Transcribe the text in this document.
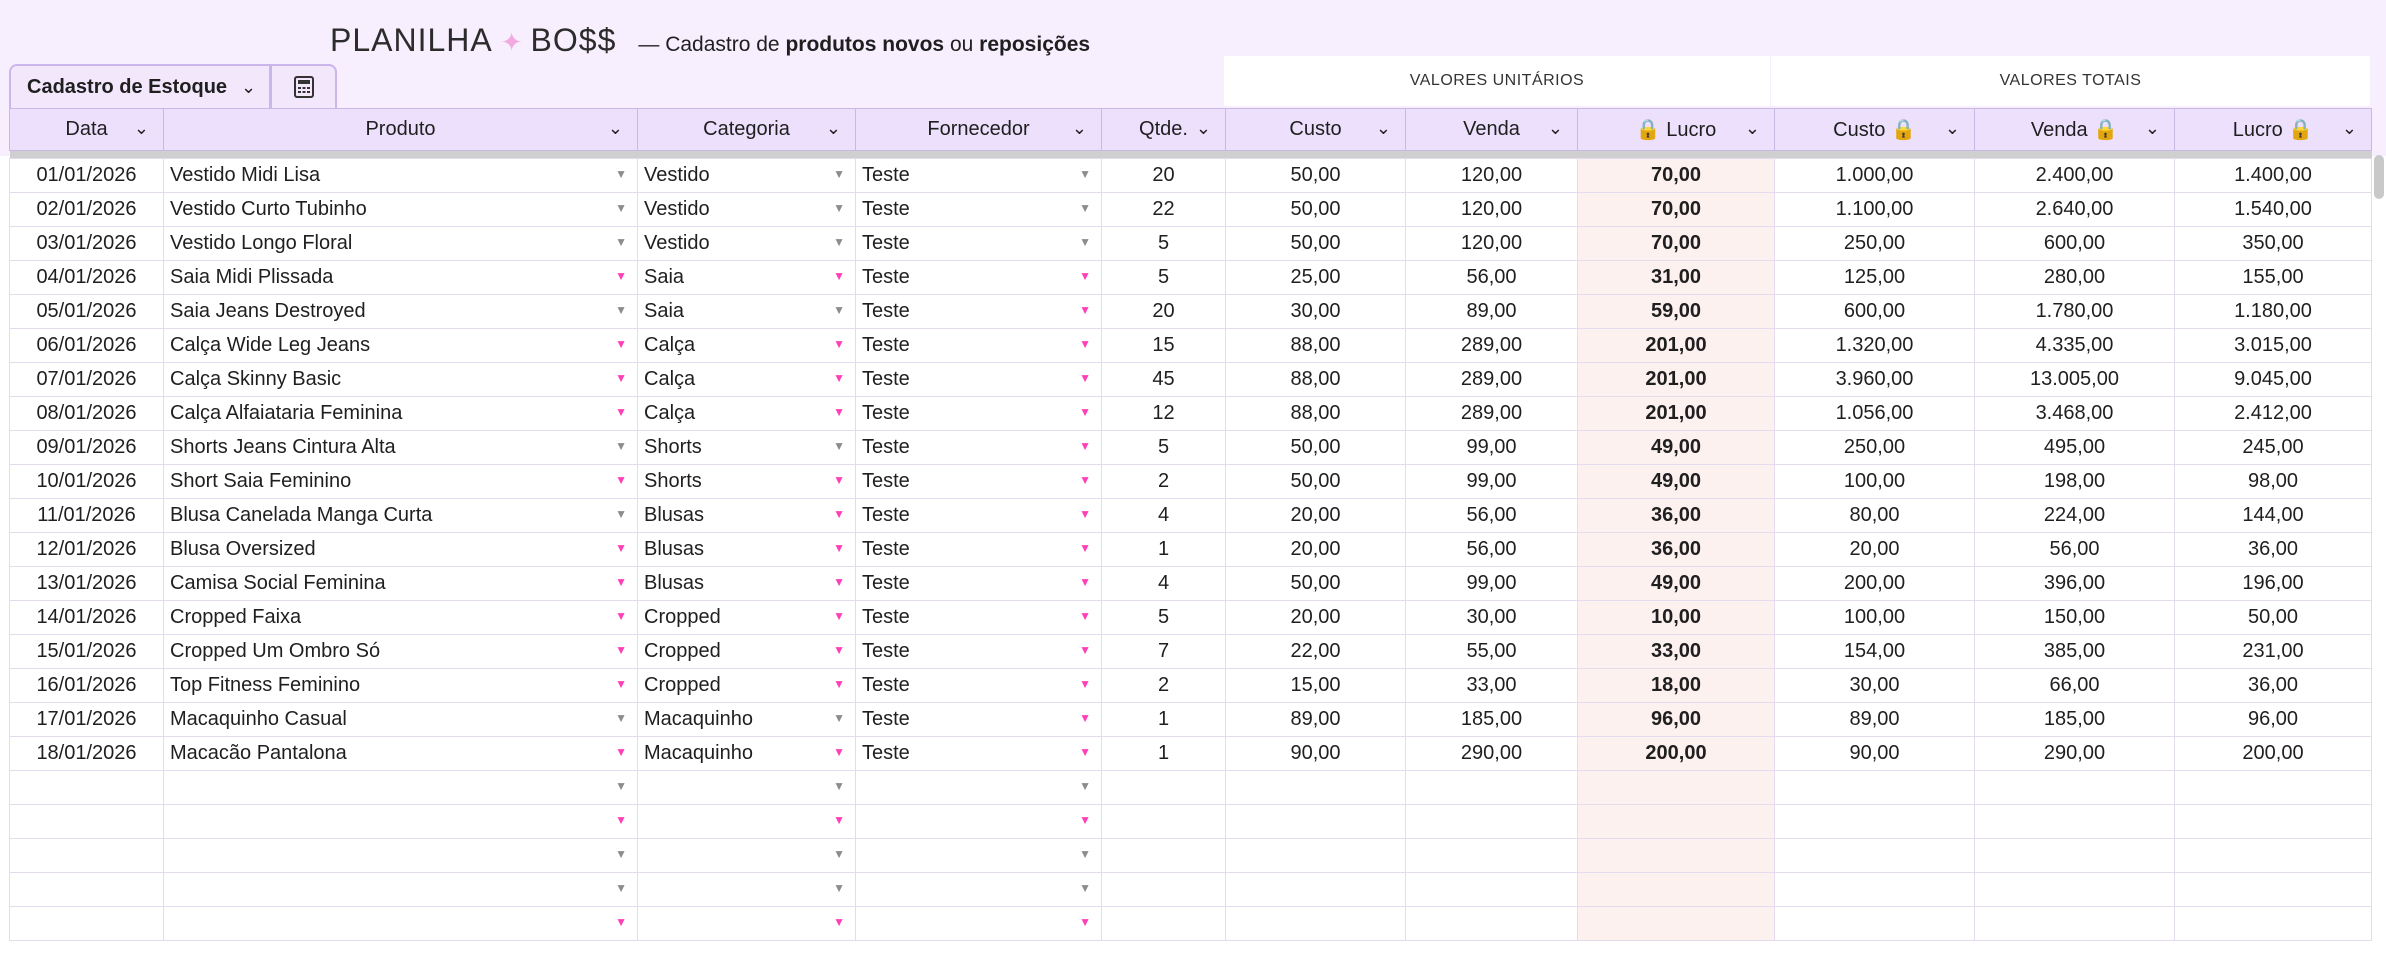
PLANILHA ✦ BO$$ — Cadastro de produtos novos ou reposições
Cadastro de Estoque ⌄	VALORES UNITÁRIOS	VALORES TOTAIS
Data ⌄	Produto ⌄	Categoria ⌄	Fornecedor ⌄	Qtde. ⌄	Custo ⌄	Venda ⌄	🔒 Lucro ⌄	Custo 🔒 ⌄	Venda 🔒 ⌄	Lucro 🔒 ⌄

01/01/2026	Vestido Midi Lisa ▼	Vestido ▼	Teste ▼	20	50,00	120,00	70,00	1.000,00	2.400,00	1.400,00
02/01/2026	Vestido Curto Tubinho ▼	Vestido ▼	Teste ▼	22	50,00	120,00	70,00	1.100,00	2.640,00	1.540,00
03/01/2026	Vestido Longo Floral ▼	Vestido ▼	Teste ▼	5	50,00	120,00	70,00	250,00	600,00	350,00
04/01/2026	Saia Midi Plissada ▼	Saia ▼	Teste ▼	5	25,00	56,00	31,00	125,00	280,00	155,00
05/01/2026	Saia Jeans Destroyed ▼	Saia ▼	Teste ▼	20	30,00	89,00	59,00	600,00	1.780,00	1.180,00
06/01/2026	Calça Wide Leg Jeans ▼	Calça ▼	Teste ▼	15	88,00	289,00	201,00	1.320,00	4.335,00	3.015,00
07/01/2026	Calça Skinny Basic ▼	Calça ▼	Teste ▼	45	88,00	289,00	201,00	3.960,00	13.005,00	9.045,00
08/01/2026	Calça Alfaiataria Feminina ▼	Calça ▼	Teste ▼	12	88,00	289,00	201,00	1.056,00	3.468,00	2.412,00
09/01/2026	Shorts Jeans Cintura Alta ▼	Shorts ▼	Teste ▼	5	50,00	99,00	49,00	250,00	495,00	245,00
10/01/2026	Short Saia Feminino ▼	Shorts ▼	Teste ▼	2	50,00	99,00	49,00	100,00	198,00	98,00
11/01/2026	Blusa Canelada Manga Curta ▼	Blusas ▼	Teste ▼	4	20,00	56,00	36,00	80,00	224,00	144,00
12/01/2026	Blusa Oversized ▼	Blusas ▼	Teste ▼	1	20,00	56,00	36,00	20,00	56,00	36,00
13/01/2026	Camisa Social Feminina ▼	Blusas ▼	Teste ▼	4	50,00	99,00	49,00	200,00	396,00	196,00
14/01/2026	Cropped Faixa ▼	Cropped ▼	Teste ▼	5	20,00	30,00	10,00	100,00	150,00	50,00
15/01/2026	Cropped Um Ombro Só ▼	Cropped ▼	Teste ▼	7	22,00	55,00	33,00	154,00	385,00	231,00
16/01/2026	Top Fitness Feminino ▼	Cropped ▼	Teste ▼	2	15,00	33,00	18,00	30,00	66,00	36,00
17/01/2026	Macaquinho Casual ▼	Macaquinho ▼	Teste ▼	1	89,00	185,00	96,00	89,00	185,00	96,00
18/01/2026	Macacão Pantalona ▼	Macaquinho ▼	Teste ▼	1	90,00	290,00	200,00	90,00	290,00	200,00

	▼	▼	▼							

	▼	▼	▼							

	▼	▼	▼							

	▼	▼	▼							

	▼	▼	▼							
